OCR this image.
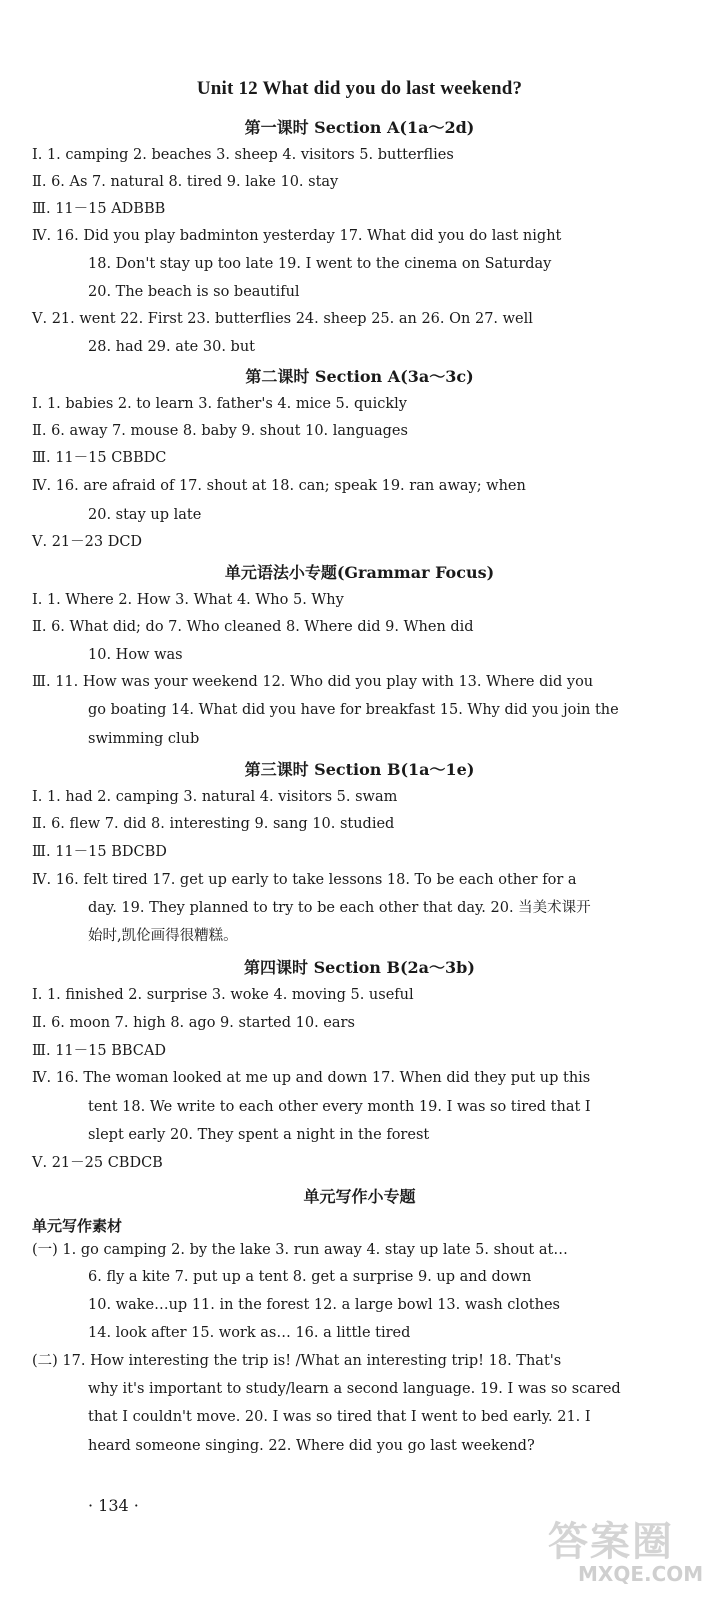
Unit 12 What did you do last weekend?
第一课时 Section A(1a～2d)
Ⅰ. 1. camping 2. beaches 3. sheep 4. visitors 5. butterflies
Ⅱ. 6. As 7. natural 8. tired 9. lake 10. stay
Ⅲ. 11－15 ADBBB
Ⅳ. 16. Did you play badminton yesterday 17. What did you do last night
18. Don't stay up too late 19. I went to the cinema on Saturday
20. The beach is so beautiful
Ⅴ. 21. went 22. First 23. butterflies 24. sheep 25. an 26. On 27. well
28. had 29. ate 30. but
第二课时 Section A(3a～3c)
Ⅰ. 1. babies 2. to learn 3. father's 4. mice 5. quickly
Ⅱ. 6. away 7. mouse 8. baby 9. shout 10. languages
Ⅲ. 11－15 CBBDC
Ⅳ. 16. are afraid of 17. shout at 18. can; speak 19. ran away; when
20. stay up late
Ⅴ. 21－23 DCD
单元语法小专题(Grammar Focus)
Ⅰ. 1. Where 2. How 3. What 4. Who 5. Why
Ⅱ. 6. What did; do 7. Who cleaned 8. Where did 9. When did
10. How was
Ⅲ. 11. How was your weekend 12. Who did you play with 13. Where did you
go boating 14. What did you have for breakfast 15. Why did you join the
swimming club
第三课时 Section B(1a～1e)
Ⅰ. 1. had 2. camping 3. natural 4. visitors 5. swam
Ⅱ. 6. flew 7. did 8. interesting 9. sang 10. studied
Ⅲ. 11－15 BDCBD
Ⅳ. 16. felt tired 17. get up early to take lessons 18. To be each other for a
day. 19. They planned to try to be each other that day. 20. 当美术课开
始时,凯伦画得很糟糕。
第四课时 Section B(2a～3b)
Ⅰ. 1. finished 2. surprise 3. woke 4. moving 5. useful
Ⅱ. 6. moon 7. high 8. ago 9. started 10. ears
Ⅲ. 11－15 BBCAD
Ⅳ. 16. The woman looked at me up and down 17. When did they put up this
tent 18. We write to each other every month 19. I was so tired that I
slept early 20. They spent a night in the forest
Ⅴ. 21－25 CBDCB
单元写作小专题
单元写作素材
(一) 1. go camping 2. by the lake 3. run away 4. stay up late 5. shout at…
6. fly a kite 7. put up a tent 8. get a surprise 9. up and down
10. wake…up 11. in the forest 12. a large bowl 13. wash clothes
14. look after 15. work as… 16. a little tired
(二) 17. How interesting the trip is! /What an interesting trip! 18. That's
why it's important to study/learn a second language. 19. I was so scared
that I couldn't move. 20. I was so tired that I went to bed early. 21. I
heard someone singing. 22. Where did you go last weekend?
· 134 ·
答案圈
MXQE.COM
